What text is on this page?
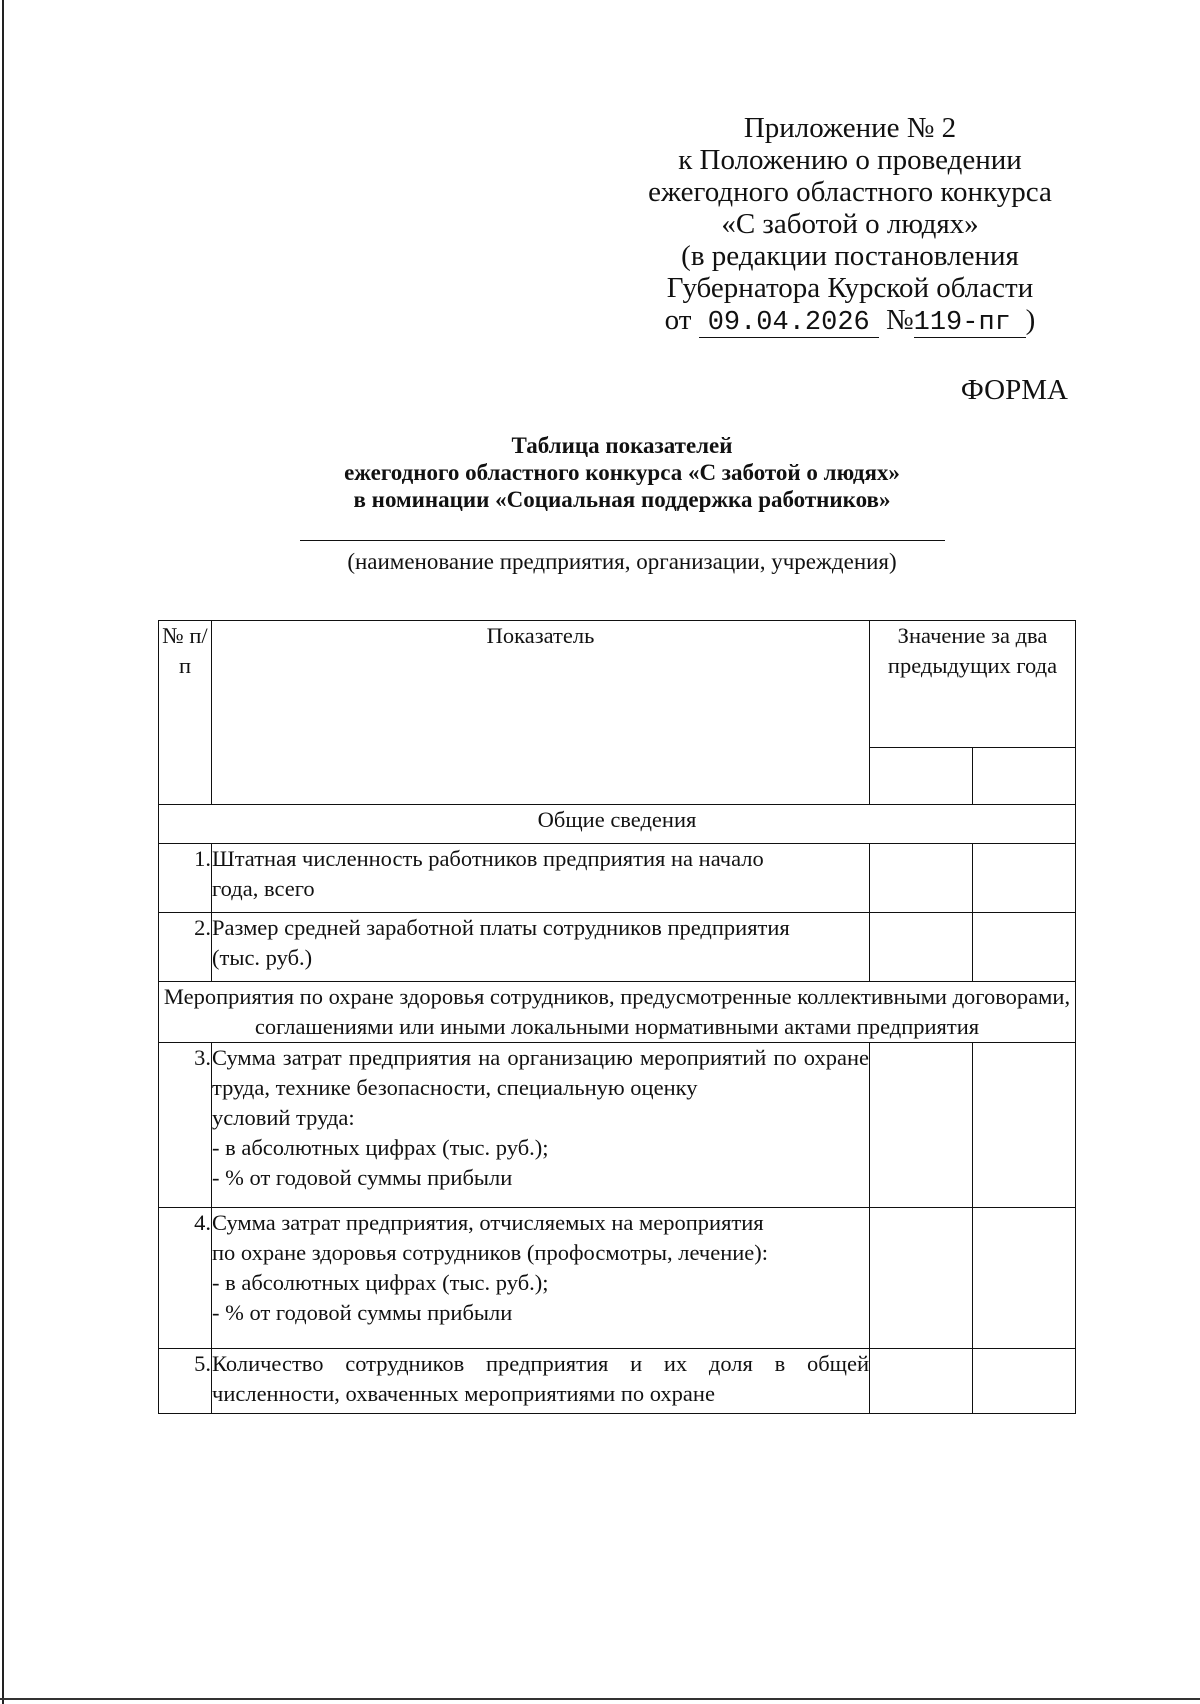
Приложение № 2
к Положению о проведении
ежегодного областного конкурса
«С заботой о людях»
(в редакции постановления
Губернатора Курской области
от 09.04.2026 №119-пг )
ФОРМА
Таблица показателей
ежегодного областного конкурса «С заботой о людях»
в номинации «Социальная поддержка работников»
(наименование предприятия, организации, учреждения)
№ п/п	Показатель	Значение за два предыдущих года	

Общие сведения			
1.	Штатная численность работников предприятия на начало
года, всего		

2.	Размер средней заработной платы сотрудников предприятия
(тыс. руб.)		

Мероприятия по охране здоровья сотрудников, предусмотренные коллективными договорами, соглашениями или иными локальными нормативными актами предприятия			
3.	Сумма затрат предприятия на организацию мероприятий по охране труда, технике безопасности, специальную оценку
условий труда:
- в абсолютных цифрах (тыс. руб.);
- % от годовой суммы прибыли		

4.	Сумма затрат предприятия, отчисляемых на мероприятия
по охране здоровья сотрудников (профосмотры, лечение):
- в абсолютных цифрах (тыс. руб.);
- % от годовой суммы прибыли		

5.	Количество сотрудников предприятия и их доля в общей численности, охваченных мероприятиями по охране		
